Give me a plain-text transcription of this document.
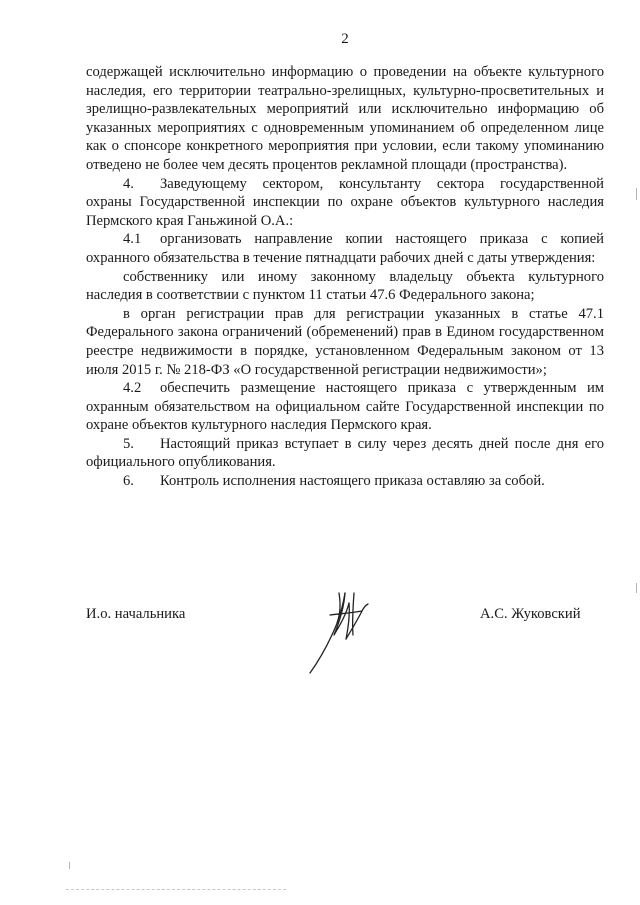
2

содержащей исключительно информацию о проведении на объекте культурного наследия, его территории театрально-зрелищных, культурно-просветительных и зрелищно-развлекательных мероприятий или исключительно информацию об указанных мероприятиях с одновременным упоминанием об определенном лице как о спонсоре конкретного мероприятия при условии, если такому упоминанию отведено не более чем десять процентов рекламной площади (пространства).

4. Заведующему сектором, консультанту сектора государственной охраны Государственной инспекции по охране объектов культурного наследия Пермского края Ганьжиной О.А.:

4.1 организовать направление копии настоящего приказа с копией охранного обязательства в течение пятнадцати рабочих дней с даты утверждения:

собственнику или иному законному владельцу объекта культурного наследия в соответствии с пунктом 11 статьи 47.6 Федерального закона;

в орган регистрации прав для регистрации указанных в статье 47.1 Федерального закона ограничений (обременений) прав в Едином государственном реестре недвижимости в порядке, установленном Федеральным законом от 13 июля 2015 г. № 218-ФЗ «О государственной регистрации недвижимости»;

4.2 обеспечить размещение настоящего приказа с утвержденным им охранным обязательством на официальном сайте Государственной инспекции по охране объектов культурного наследия Пермского края.

5. Настоящий приказ вступает в силу через десять дней после дня его официального опубликования.

6. Контроль исполнения настоящего приказа оставляю за собой.

И.о. начальника	А.С. Жуковский
